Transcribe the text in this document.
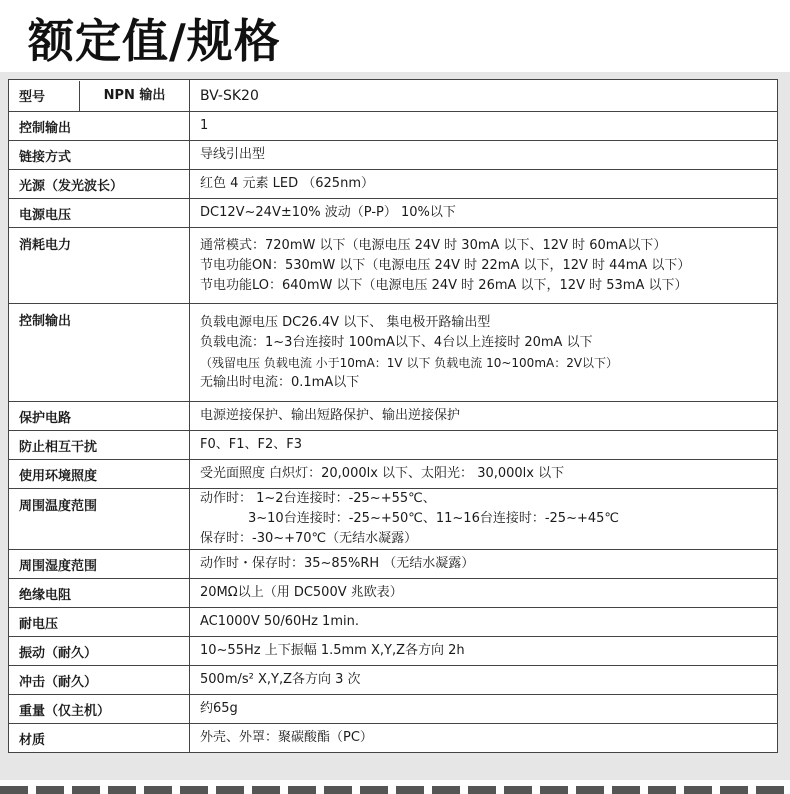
额定值/规格
型号 NPN 输出	BV-SK20
控制输出	1

链接方式	导线引出型

光源（发光波长）	红色 4 元素 LED （625nm）

电源电压	DC12V~24V±10% 波动（P-P） 10%以下

消耗电力	通常模式：720mW 以下（电源电压 24V 时 30mA 以下、12V 时 60mA以下）
节电功能ON：530mW 以下（电源电压 24V 时 22mA 以下，12V 时 44mA 以下）
节电功能LO：640mW 以下（电源电压 24V 时 26mA 以下，12V 时 53mA 以下）

控制输出	负载电源电压 DC26.4V 以下、 集电极开路输出型
负载电流：1~3台连接时 100mA以下、4台以上连接时 20mA 以下
（残留电压 负载电流 小于10mA：1V 以下 负载电流 10~100mA：2V以下）
无输出时电流：0.1mA以下

保护电路	电源逆接保护、输出短路保护、输出逆接保护

防止相互干扰	F0、F1、F2、F3

使用环境照度	受光面照度 白炽灯：20,000lx 以下、太阳光： 30,000lx 以下

周围温度范围	动作时： 1~2台连接时：-25~+55℃、
3~10台连接时：-25~+50℃、11~16台连接时：-25~+45℃
保存时：-30~+70℃（无结水凝露）

周围湿度范围	动作时・保存时：35~85%RH （无结水凝露）

绝缘电阻	20MΩ以上（用 DC500V 兆欧表）

耐电压	AC1000V 50/60Hz 1min.

振动（耐久）	10~55Hz 上下振幅 1.5mm X,Y,Z各方向 2h

冲击（耐久）	500m/s² X,Y,Z各方向 3 次

重量（仅主机）	约65g

材质	外壳、外罩：聚碳酸酯（PC）
